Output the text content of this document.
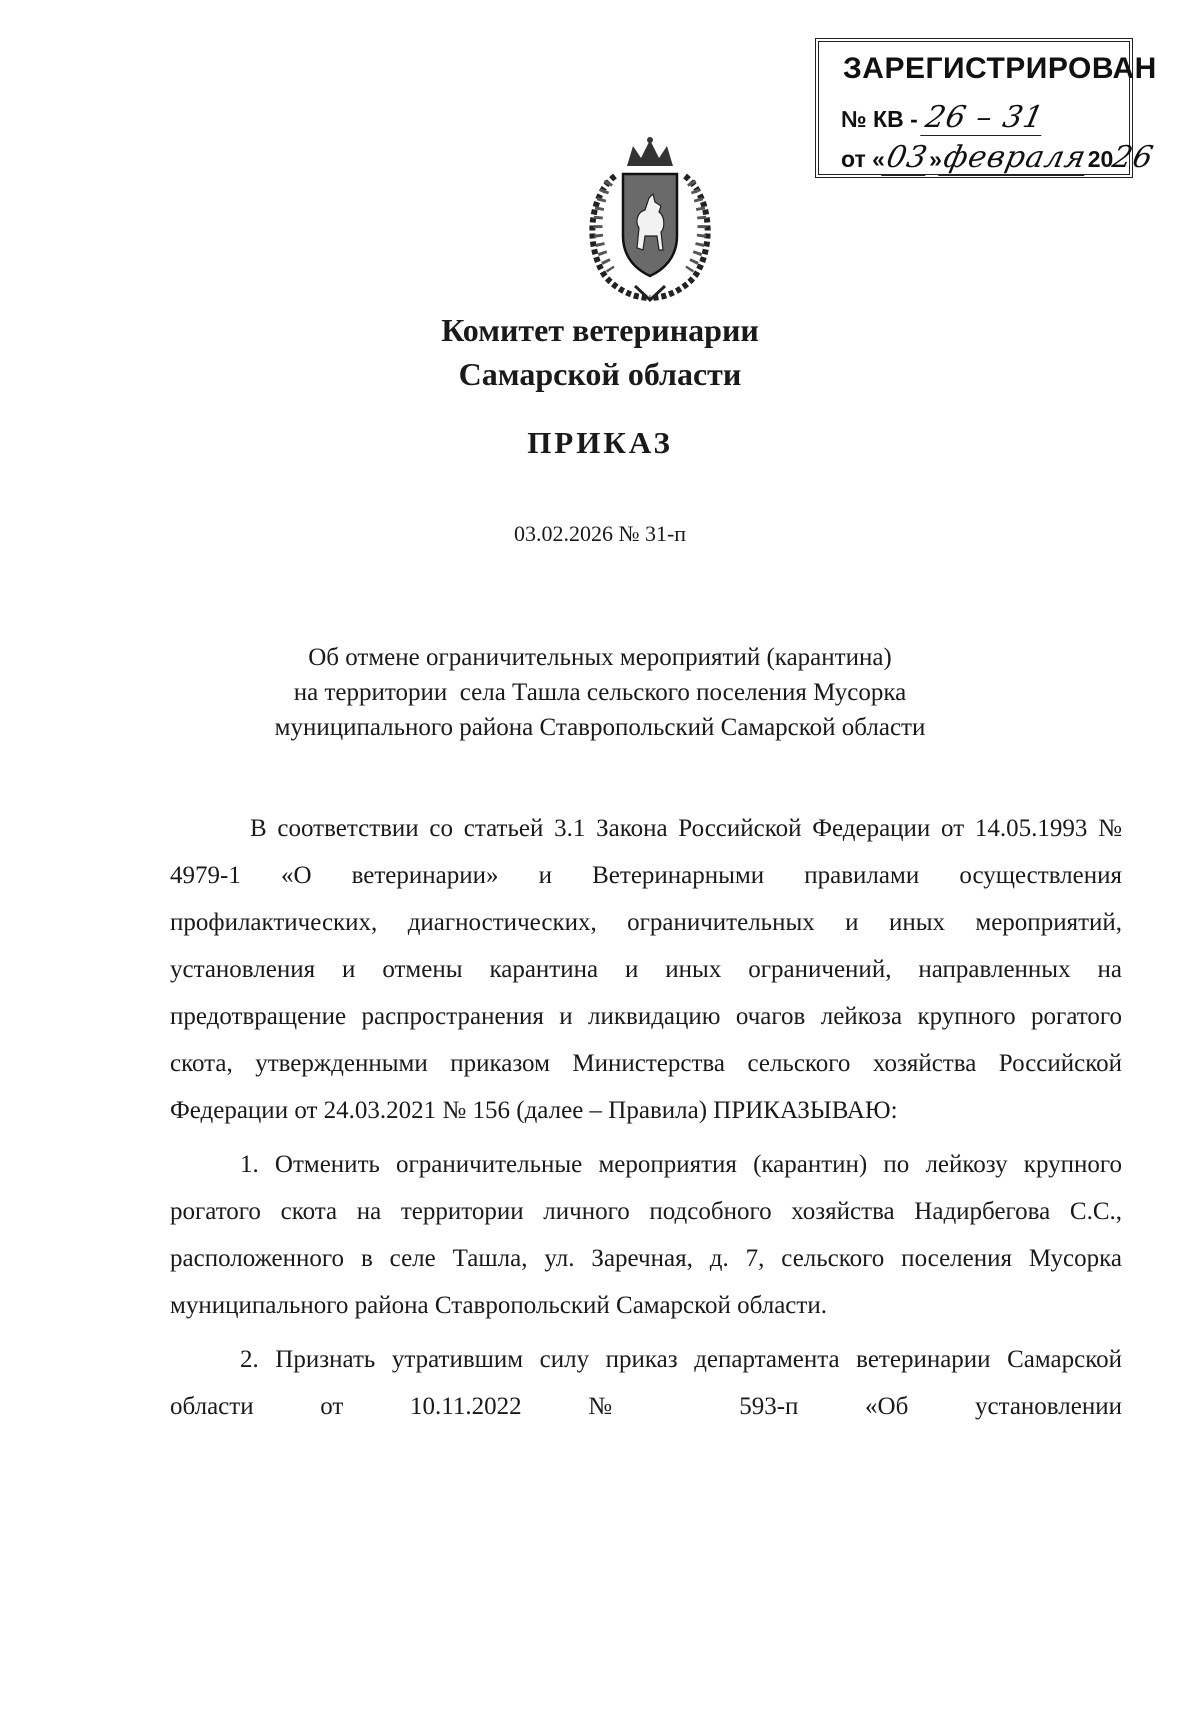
ЗАРЕГИСТРИРОВАН
№ КВ - 26 – 31
от «03»февраля2026
Комитет ветеринарии
Самарской области
ПРИКАЗ
03.02.2026 № 31-п
Об отмене ограничительных мероприятий (карантина)
на территории  села Ташла сельского поселения Мусорка
муниципального района Ставропольский Самарской области

В соответствии со статьей 3.1 Закона Российской Федерации от 14.05.1993 № 4979-1 «О ветеринарии» и Ветеринарными правилами осуществления профилактических, диагностических, ограничительных и иных мероприятий, установления и отмены карантина и иных ограничений, направленных на предотвращение распространения и ликвидацию очагов лейкоза крупного рогатого скота, утвержденными приказом Министерства сельского хозяйства Российской Федерации от 24.03.2021 № 156 (далее – Правила) ПРИКАЗЫВАЮ:

1. Отменить ограничительные мероприятия (карантин) по лейкозу крупного рогатого скота на территории личного подсобного хозяйства Надирбегова С.С., расположенного в селе Ташла, ул. Заречная, д. 7, сельского поселения Мусорка муниципального района Ставропольский Самарской области.

2. Признать утратившим силу приказ департамента ветеринарии Самарской области от 10.11.2022 № 593-п «Об установлении
